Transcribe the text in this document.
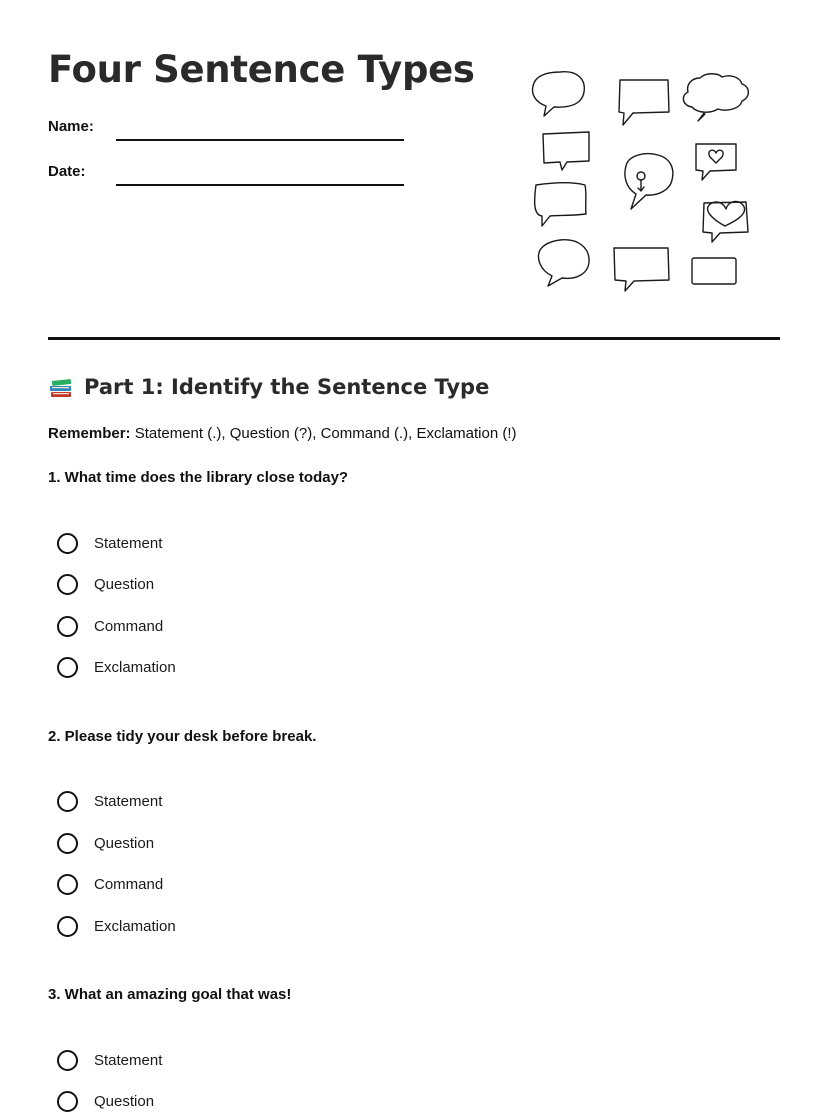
Four Sentence Types
Name:
Date:
Part 1: Identify the Sentence Type
Remember: Statement (.), Question (?), Command (.), Exclamation (!)
1. What time does the library close today?
Statement
Question
Command
Exclamation
2. Please tidy your desk before break.
Statement
Question
Command
Exclamation
3. What an amazing goal that was!
Statement
Question
